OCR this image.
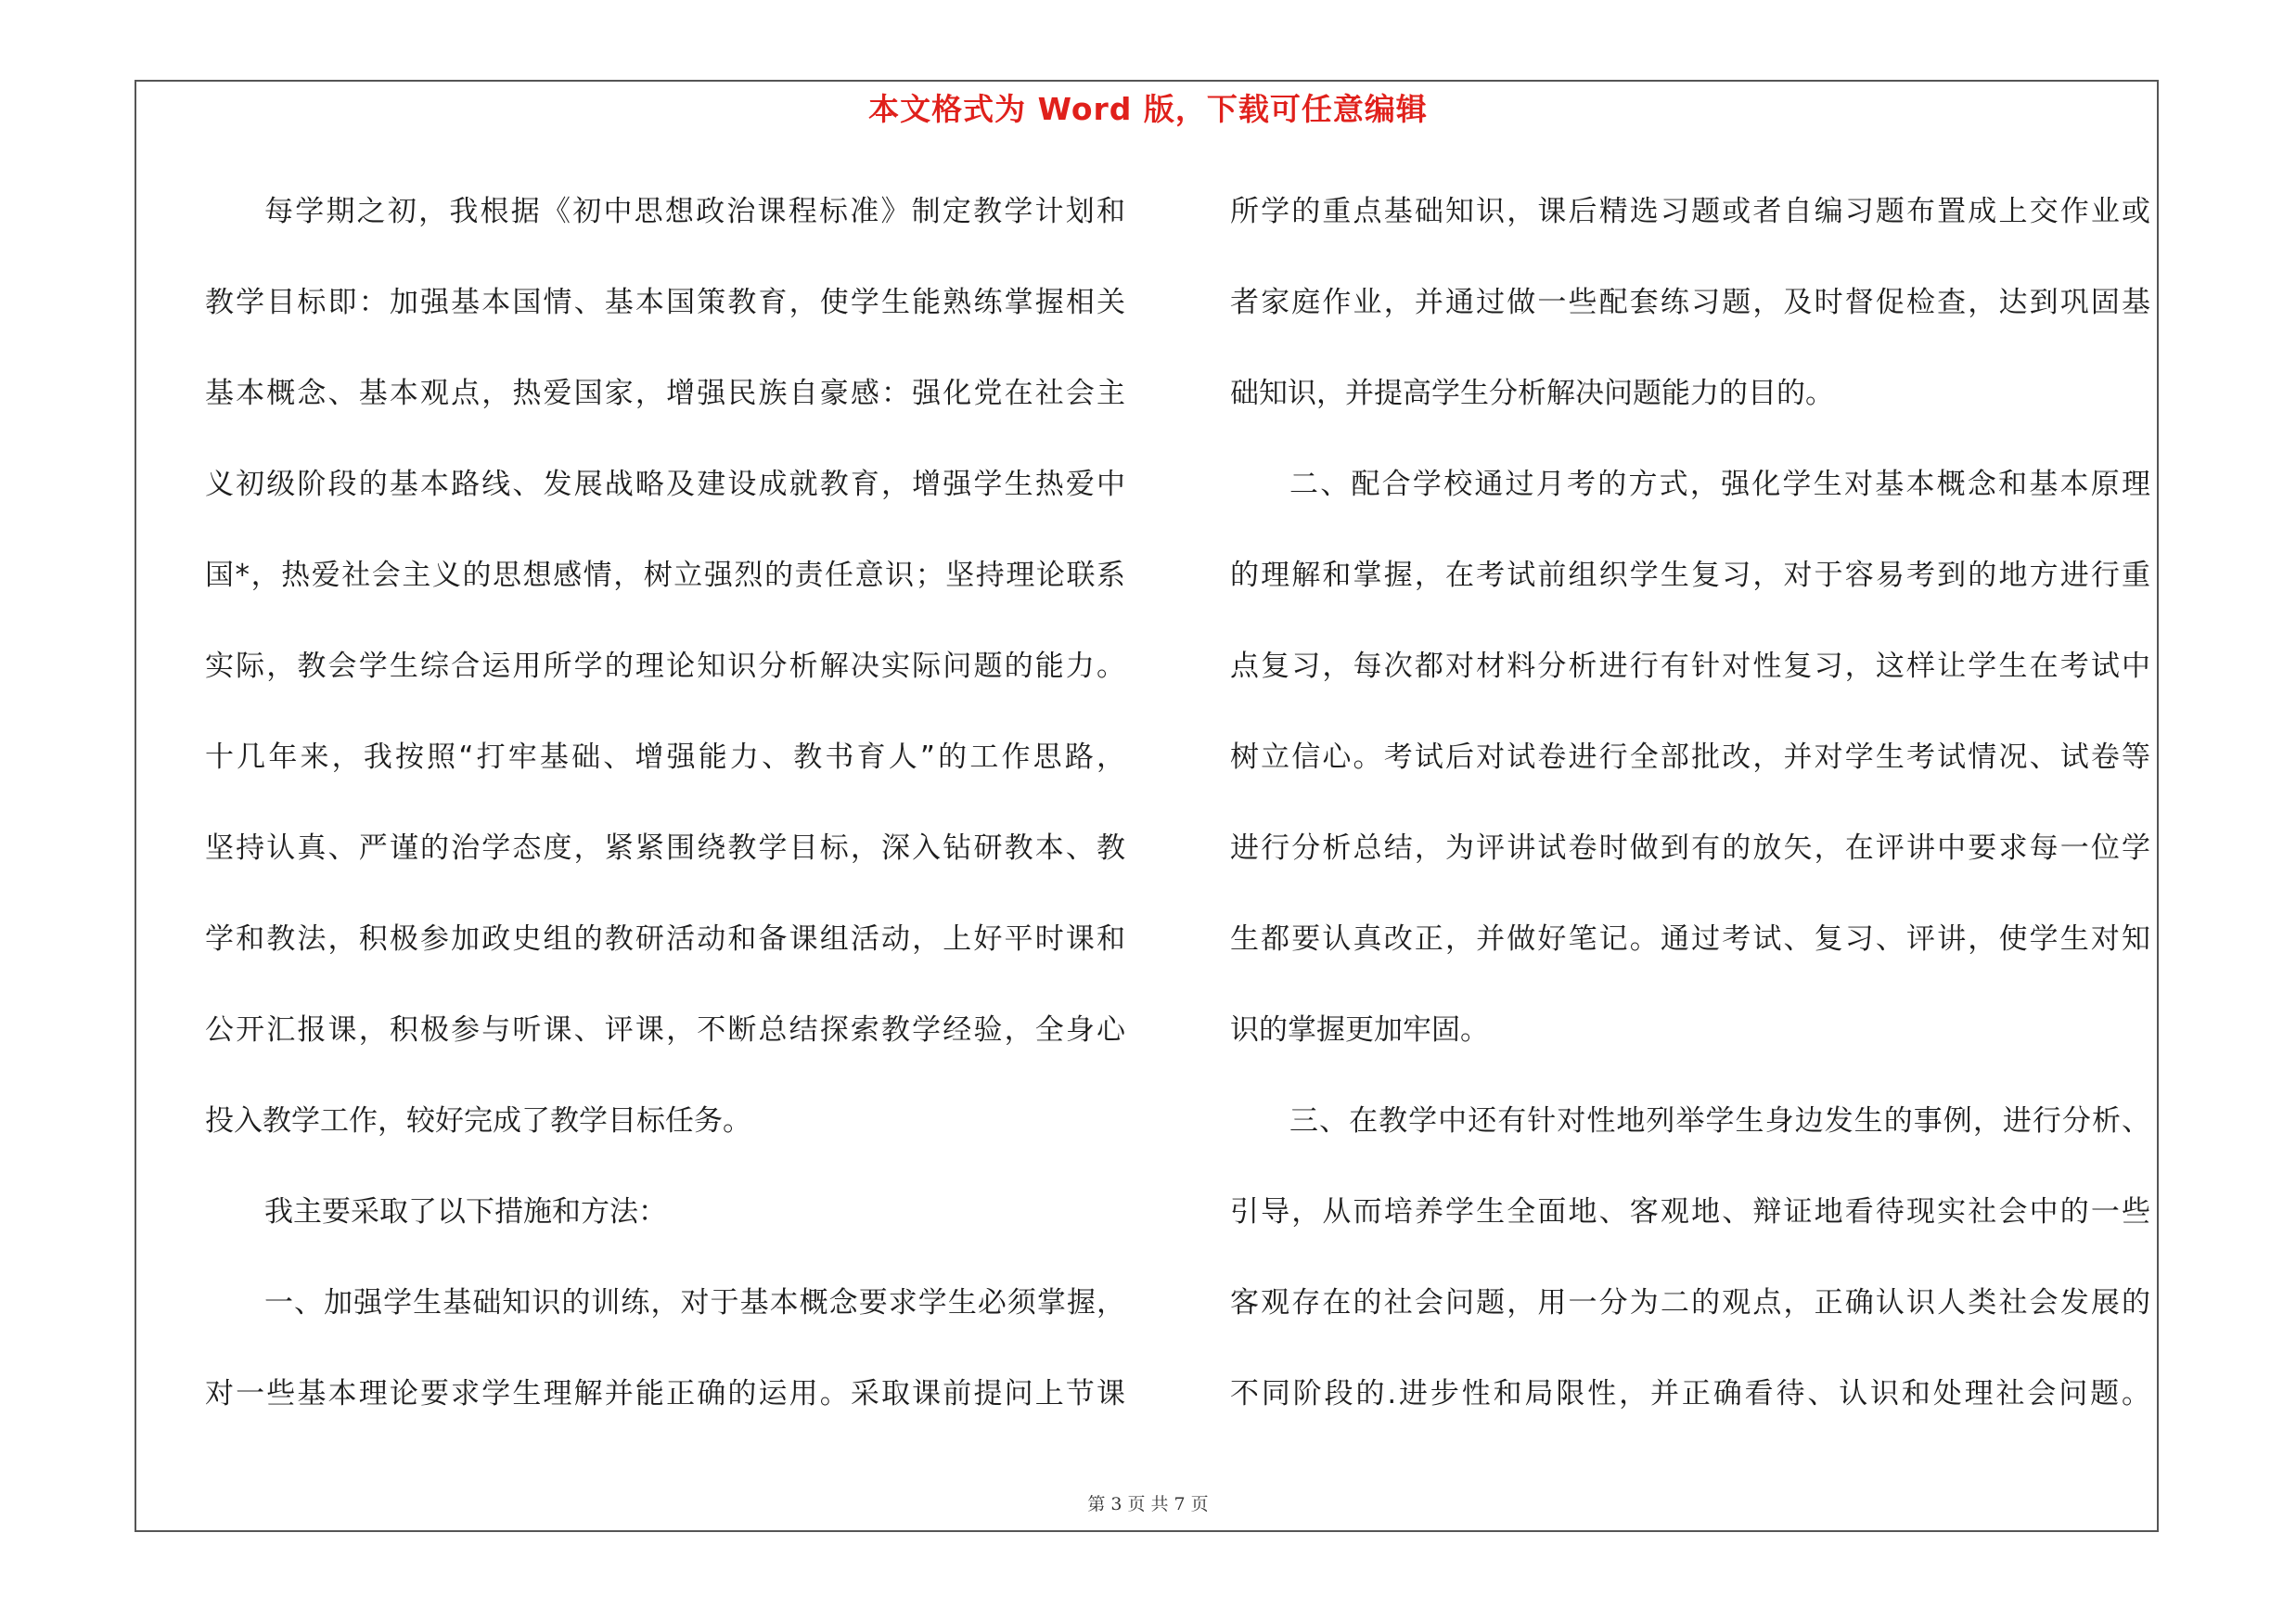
本文格式为 Word 版，下载可任意编辑
每学期之初，我根据《初中思想政治课程标准》制定教学计划和
教学目标即：加强基本国情、基本国策教育，使学生能熟练掌握相关
基本概念、基本观点，热爱国家，增强民族自豪感：强化党在社会主
义初级阶段的基本路线、发展战略及建设成就教育，增强学生热爱中
国*，热爱社会主义的思想感情，树立强烈的责任意识；坚持理论联系
实际，教会学生综合运用所学的理论知识分析解决实际问题的能力。
十几年来，我按照“打牢基础、增强能力、教书育人”的工作思路，
坚持认真、严谨的治学态度，紧紧围绕教学目标，深入钻研教本、教
学和教法，积极参加政史组的教研活动和备课组活动，上好平时课和
公开汇报课，积极参与听课、评课，不断总结探索教学经验，全身心
投入教学工作，较好完成了教学目标任务。
我主要采取了以下措施和方法：
一、加强学生基础知识的训练，对于基本概念要求学生必须掌握，
对一些基本理论要求学生理解并能正确的运用。采取课前提问上节课
所学的重点基础知识，课后精选习题或者自编习题布置成上交作业或
者家庭作业，并通过做一些配套练习题，及时督促检查，达到巩固基
础知识，并提高学生分析解决问题能力的目的。
二、配合学校通过月考的方式，强化学生对基本概念和基本原理
的理解和掌握，在考试前组织学生复习，对于容易考到的地方进行重
点复习，每次都对材料分析进行有针对性复习，这样让学生在考试中
树立信心。考试后对试卷进行全部批改，并对学生考试情况、试卷等
进行分析总结，为评讲试卷时做到有的放矢，在评讲中要求每一位学
生都要认真改正，并做好笔记。通过考试、复习、评讲，使学生对知
识的掌握更加牢固。
三、在教学中还有针对性地列举学生身边发生的事例，进行分析、
引导，从而培养学生全面地、客观地、辩证地看待现实社会中的一些
客观存在的社会问题，用一分为二的观点，正确认识人类社会发展的
不同阶段的.进步性和局限性，并正确看待、认识和处理社会问题。
第 3 页 共 7 页
